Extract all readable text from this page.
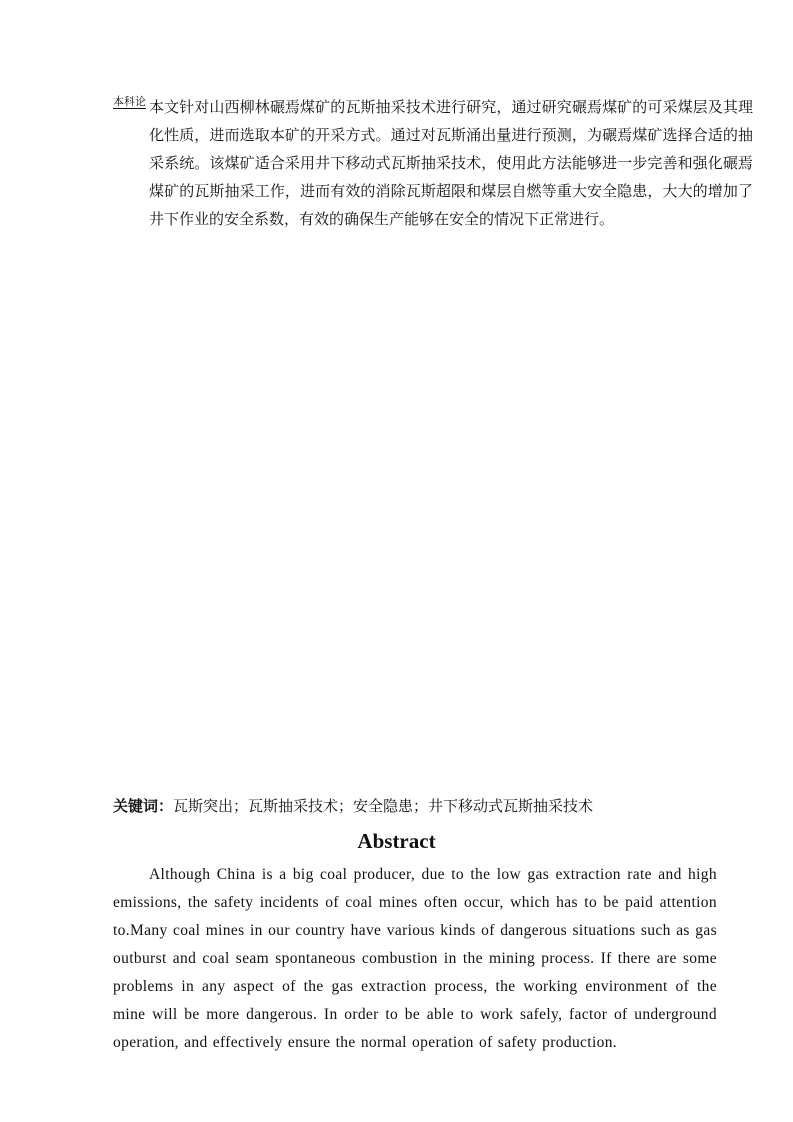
本科论 本文针对山西柳林碾焉煤矿的瓦斯抽采技术进行研究，通过研究碾焉煤矿的可采煤层及其理化性质，进而选取本矿的开采方式。通过对瓦斯涌出量进行预测，为碾焉煤矿选择合适的抽采系统。该煤矿适合采用井下移动式瓦斯抽采技术，使用此方法能够进一步完善和强化碾焉煤矿的瓦斯抽采工作，进而有效的消除瓦斯超限和煤层自燃等重大安全隐患，大大的增加了井下作业的安全系数，有效的确保生产能够在安全的情况下正常进行。

关键词：瓦斯突出；瓦斯抽采技术；安全隐患；井下移动式瓦斯抽采技术

Abstract

Although China is a big coal producer, due to the low gas extraction rate and high emissions, the safety incidents of coal mines often occur, which has to be paid attention to.Many coal mines in our country have various kinds of dangerous situations such as gas outburst and coal seam spontaneous combustion in the mining process. If there are some problems in any aspect of the gas extraction process, the working environment of the mine will be more dangerous. In order to be able to work safely, factor of underground operation, and effectively ensure the normal operation of safety production.
